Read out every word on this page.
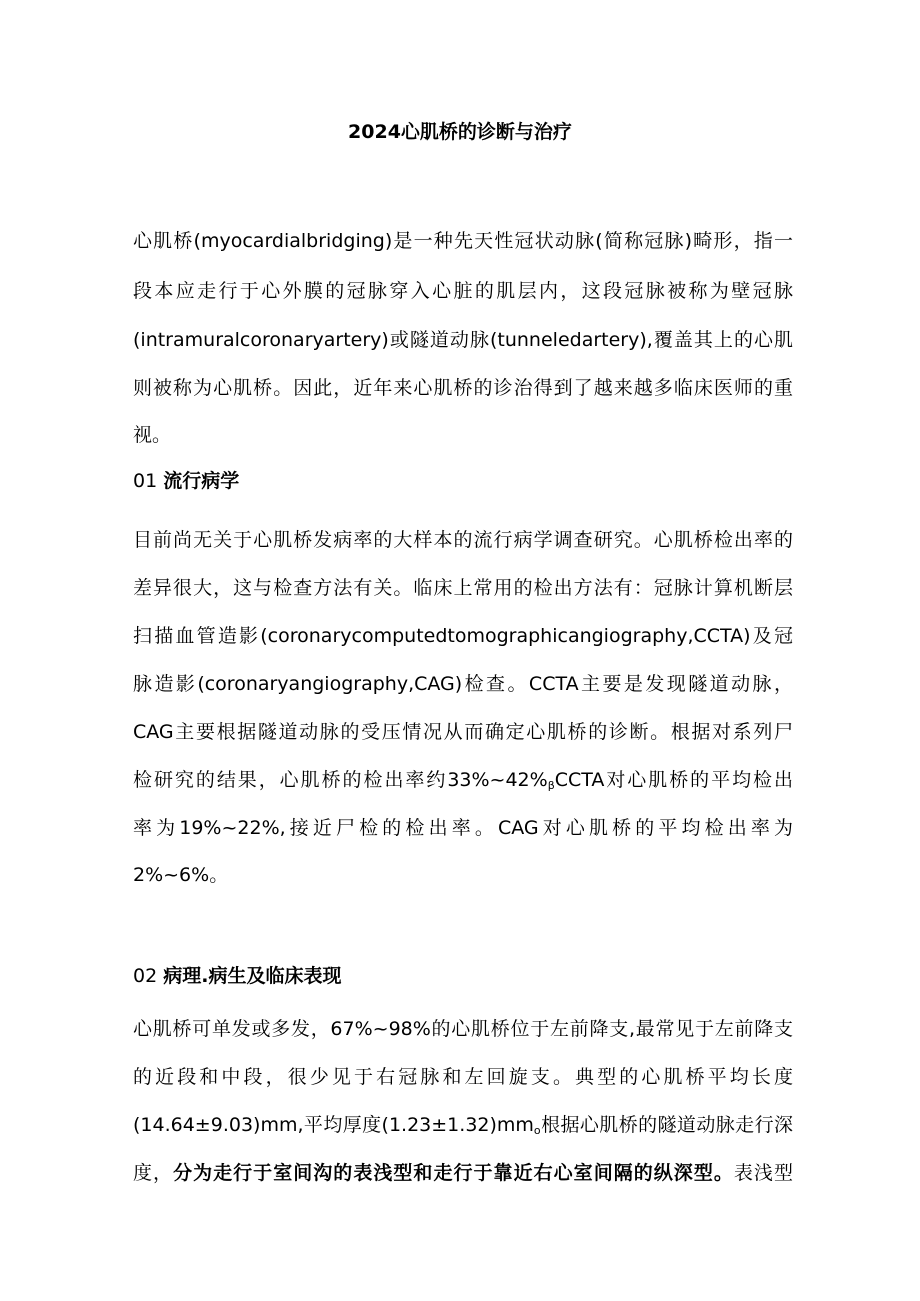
2024心肌桥的诊断与治疗
心肌桥(myocardialbridging)是一种先天性冠状动脉(简称冠脉)畸形，指一
段本应走行于心外膜的冠脉穿入心脏的肌层内，这段冠脉被称为壁冠脉
(intramuralcoronaryartery)或隧道动脉(tunneledartery),覆盖其上的心肌
则被称为心肌桥。因此，近年来心肌桥的诊治得到了越来越多临床医师的重
视。
01 流行病学
目前尚无关于心肌桥发病率的大样本的流行病学调查研究。心肌桥检出率的
差异很大，这与检查方法有关。临床上常用的检出方法有：冠脉计算机断层
扫描血管造影(coronarycomputedtomographicangiography,CCTA)及冠
脉造影(coronaryangiography,CAG)检查。CCTA主要是发现隧道动脉，
CAG主要根据隧道动脉的受压情况从而确定心肌桥的诊断。根据对系列尸
检研究的结果，心肌桥的检出率约$33\%\sim 42\%_\beta CCTA$对心肌桥的平均检出
率为19%~22%,接近尸检的检出率。CAG对心肌桥的平均检出率为
2%~6%。
02 病理.病生及临床表现
心肌桥可单发或多发，67%~98%的心肌桥位于左前降支,最常见于左前降支
的近段和中段，很少见于右冠脉和左回旋支。典型的心肌桥平均长度
(14.64±9.03)mm,平均厚度$(1.23\pm 1.32)mm_o$根据心肌桥的隧道动脉走行深
度，分为走行于室间沟的表浅型和走行于靠近右心室间隔的纵深型。表浅型
